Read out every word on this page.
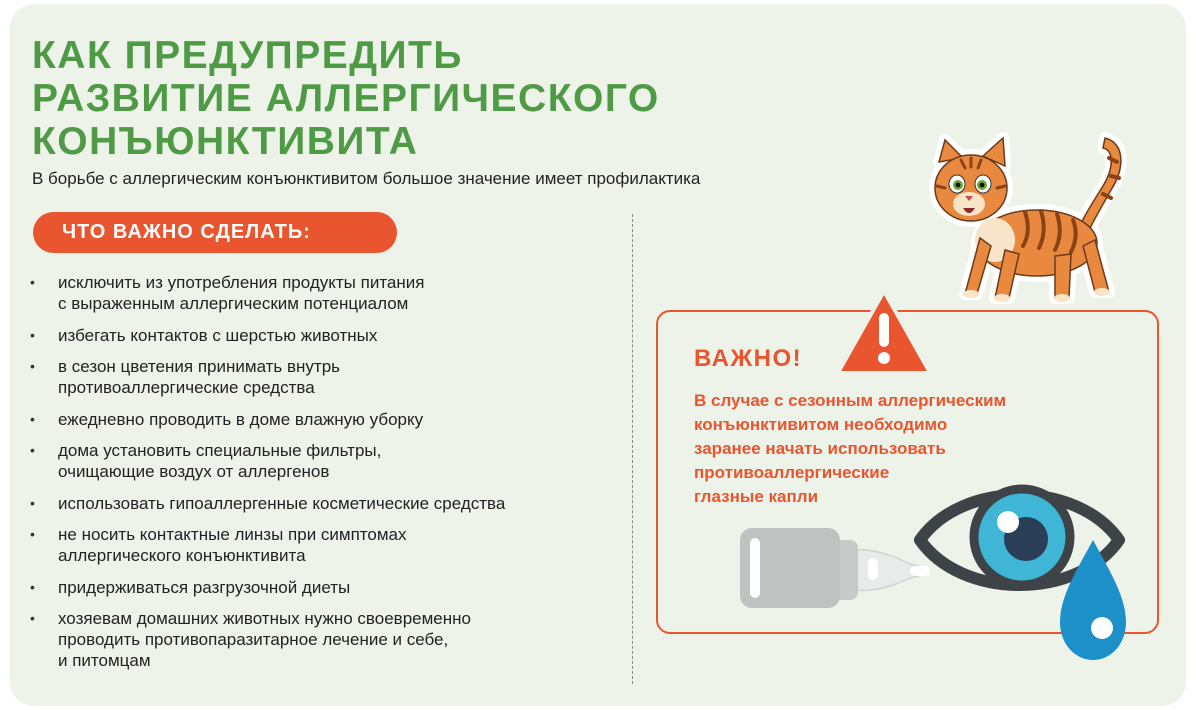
КАК ПРЕДУПРЕДИТЬ
РАЗВИТИЕ АЛЛЕРГИЧЕСКОГО
КОНЪЮНКТИВИТА

В борьбе с аллергическим конъюнктивитом большое значение имеет профилактика

ЧТО ВАЖНО СДЕЛАТЬ:
• исключить из употребления продукты питания
с выраженным аллергическим потенциалом
• избегать контактов с шерстью животных
• в сезон цветения принимать внутрь
противоаллергические средства
• ежедневно проводить в доме влажную уборку
• дома установить специальные фильтры,
очищающие воздух от аллергенов
• использовать гипоаллергенные косметические средства
• не носить контактные линзы при симптомах
аллергического конъюнктивита
• придерживаться разгрузочной диеты
• хозяевам домашних животных нужно своевременно
проводить противопаразитарное лечение и себе,
и питомцам
ВАЖНО!
В случае с сезонным аллергическим
конъюнктивитом необходимо
заранее начать использовать
противоаллергические
глазные капли
